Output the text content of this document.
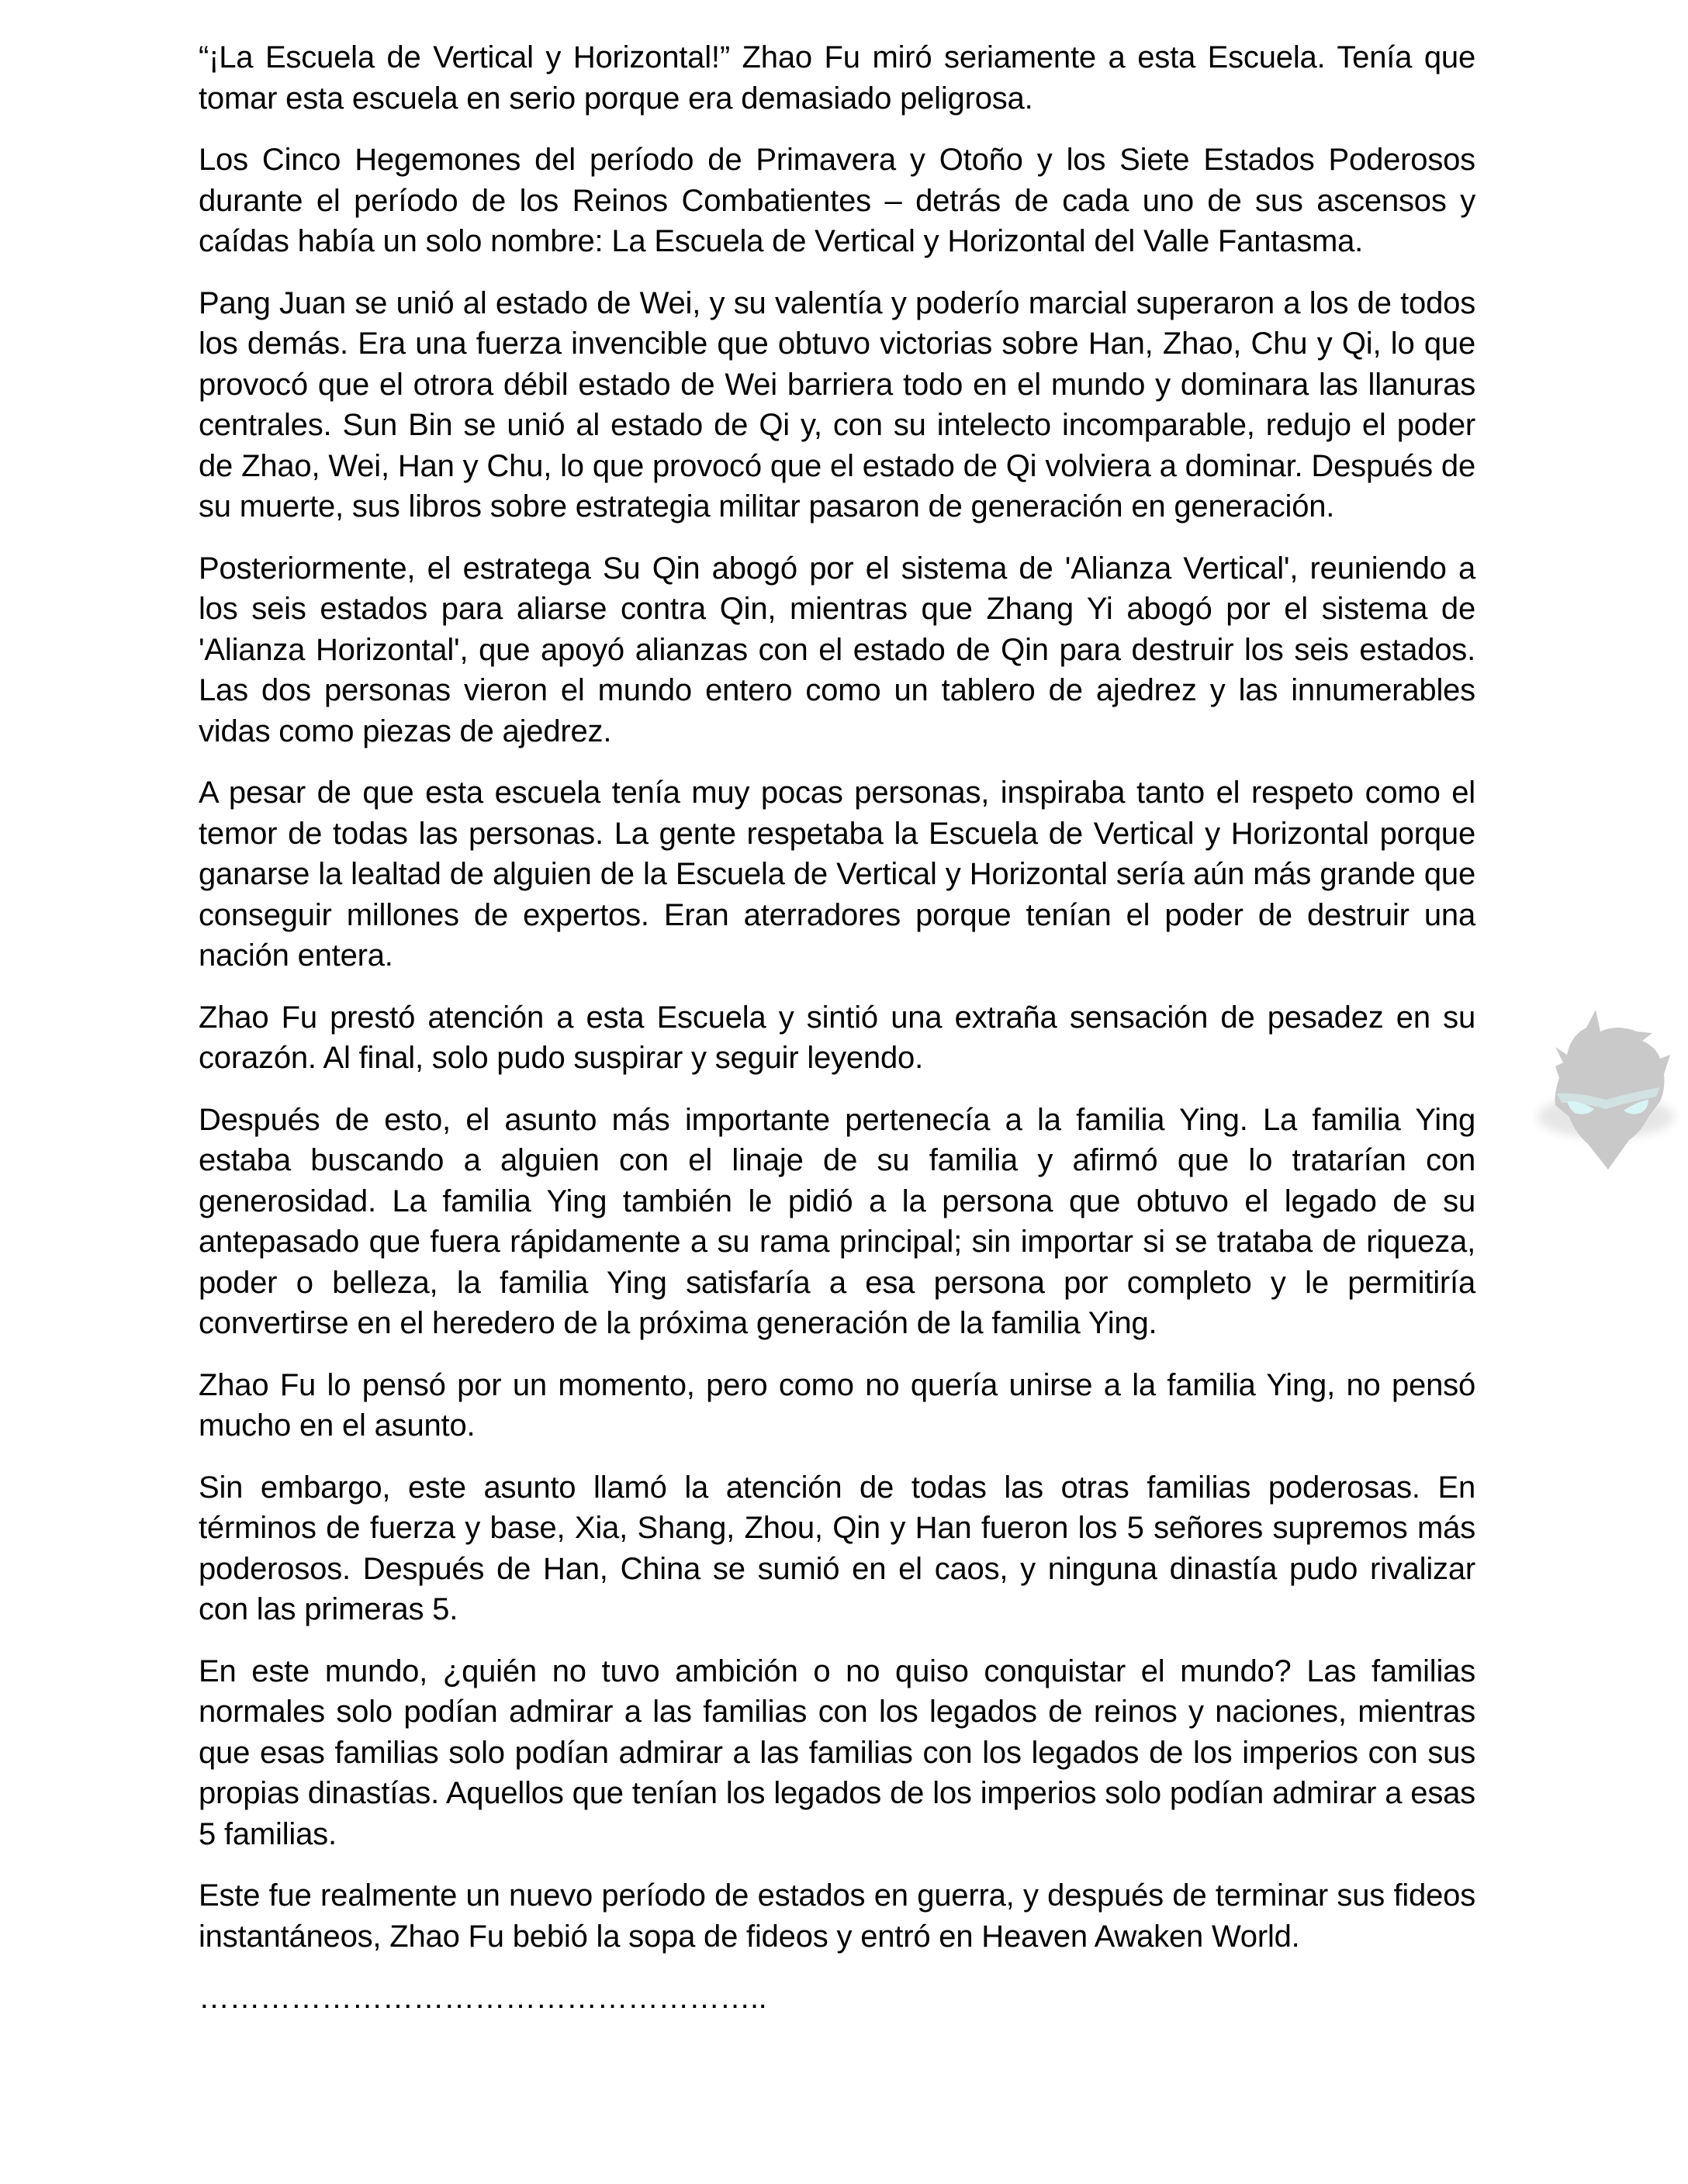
“¡La Escuela de Vertical y Horizontal!” Zhao Fu miró seriamente a esta Escuela. Tenía que tomar esta escuela en serio porque era demasiado peligrosa.

Los Cinco Hegemones del período de Primavera y Otoño y los Siete Estados Poderosos durante el período de los Reinos Combatientes – detrás de cada uno de sus ascensos y caídas había un solo nombre: La Escuela de Vertical y Horizontal del Valle Fantasma.

Pang Juan se unió al estado de Wei, y su valentía y poderío marcial superaron a los de todos los demás. Era una fuerza invencible que obtuvo victorias sobre Han, Zhao, Chu y Qi, lo que provocó que el otrora débil estado de Wei barriera todo en el mundo y dominara las llanuras centrales. Sun Bin se unió al estado de Qi y, con su intelecto incomparable, redujo el poder de Zhao, Wei, Han y Chu, lo que provocó que el estado de Qi volviera a dominar. Después de su muerte, sus libros sobre estrategia militar pasaron de generación en generación.

Posteriormente, el estratega Su Qin abogó por el sistema de 'Alianza Vertical', reuniendo a los seis estados para aliarse contra Qin, mientras que Zhang Yi abogó por el sistema de 'Alianza Horizontal', que apoyó alianzas con el estado de Qin para destruir los seis estados. Las dos personas vieron el mundo entero como un tablero de ajedrez y las innumerables vidas como piezas de ajedrez.

A pesar de que esta escuela tenía muy pocas personas, inspiraba tanto el respeto como el temor de todas las personas. La gente respetaba la Escuela de Vertical y Horizontal porque ganarse la lealtad de alguien de la Escuela de Vertical y Horizontal sería aún más grande que conseguir millones de expertos. Eran aterradores porque tenían el poder de destruir una nación entera.

Zhao Fu prestó atención a esta Escuela y sintió una extraña sensación de pesadez en su corazón. Al final, solo pudo suspirar y seguir leyendo.

Después de esto, el asunto más importante pertenecía a la familia Ying. La familia Ying estaba buscando a alguien con el linaje de su familia y afirmó que lo tratarían con generosidad. La familia Ying también le pidió a la persona que obtuvo el legado de su antepasado que fuera rápidamente a su rama principal; sin importar si se trataba de riqueza, poder o belleza, la familia Ying satisfaría a esa persona por completo y le permitiría convertirse en el heredero de la próxima generación de la familia Ying.

Zhao Fu lo pensó por un momento, pero como no quería unirse a la familia Ying, no pensó mucho en el asunto.

Sin embargo, este asunto llamó la atención de todas las otras familias poderosas. En términos de fuerza y base, Xia, Shang, Zhou, Qin y Han fueron los 5 señores supremos más poderosos. Después de Han, China se sumió en el caos, y ninguna dinastía pudo rivalizar con las primeras 5.

En este mundo, ¿quién no tuvo ambición o no quiso conquistar el mundo? Las familias normales solo podían admirar a las familias con los legados de reinos y naciones, mientras que esas familias solo podían admirar a las familias con los legados de los imperios con sus propias dinastías. Aquellos que tenían los legados de los imperios solo podían admirar a esas 5 familias.

Este fue realmente un nuevo período de estados en guerra, y después de terminar sus fideos instantáneos, Zhao Fu bebió la sopa de fideos y entró en Heaven Awaken World.

………………………………………………..
